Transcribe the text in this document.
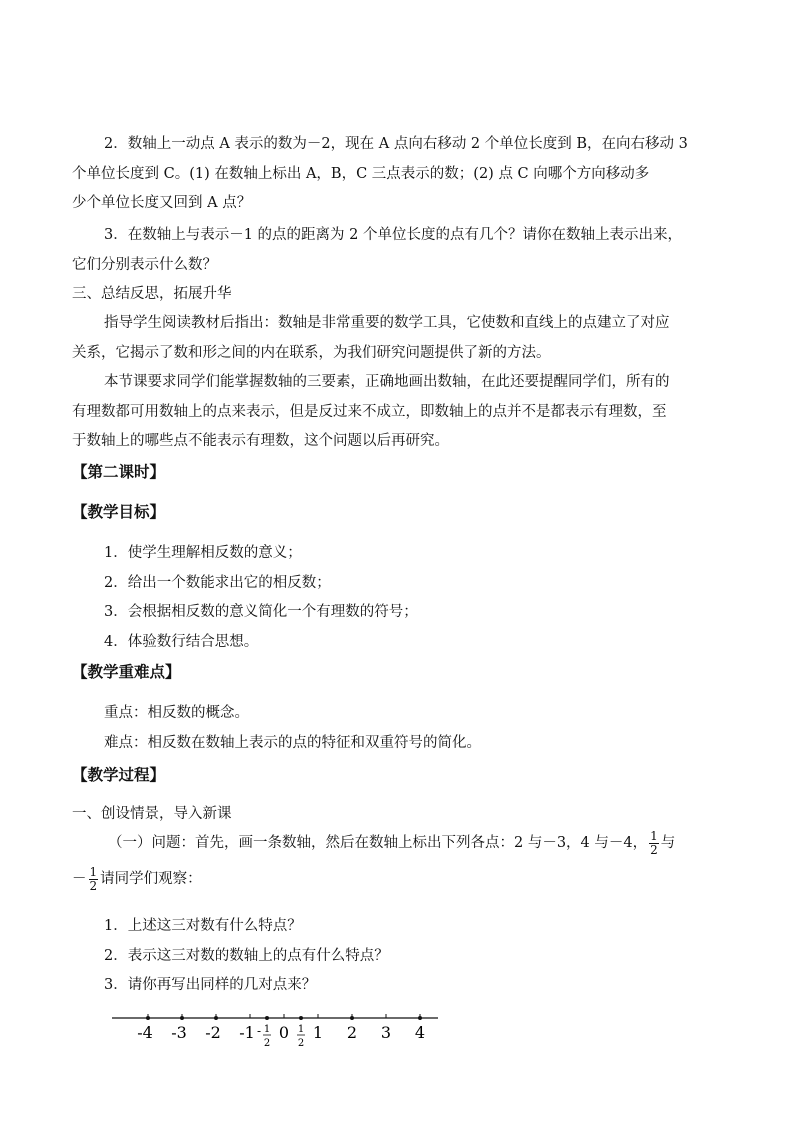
2．数轴上一动点 A 表示的数为－2，现在 A 点向右移动 2 个单位长度到 B，在向右移动 3
个单位长度到 C。(1) 在数轴上标出 A，B，C 三点表示的数；(2) 点 C 向哪个方向移动多
少个单位长度又回到 A 点？
3．在数轴上与表示－1 的点的距离为 2 个单位长度的点有几个？请你在数轴上表示出来，
它们分别表示什么数？
三、总结反思，拓展升华
指导学生阅读教材后指出：数轴是非常重要的数学工具，它使数和直线上的点建立了对应
关系，它揭示了数和形之间的内在联系，为我们研究问题提供了新的方法。
本节课要求同学们能掌握数轴的三要素，正确地画出数轴，在此还要提醒同学们，所有的
有理数都可用数轴上的点来表示，但是反过来不成立，即数轴上的点并不是都表示有理数，至
于数轴上的哪些点不能表示有理数，这个问题以后再研究。
【第二课时】
【教学目标】
1．使学生理解相反数的意义；
2．给出一个数能求出它的相反数；
3．会根据相反数的意义简化一个有理数的符号；
4．体验数行结合思想。
【教学重难点】
重点：相反数的概念。
难点：相反数在数轴上表示的点的特征和双重符号的简化。
【教学过程】
一、创设情景，导入新课
（一）问题：首先，画一条数轴，然后在数轴上标出下列各点：2 与－3，4 与－4， $\frac{1}{2}$ 与
－ $\frac{1}{2}$ 请同学们观察：
1．上述这三对数有什么特点？
2．表示这三对数的数轴上的点有什么特点？
3．请你再写出同样的几对点来？
-4 -3 -2 -1 0 1 2 3 4
- 1
2
1
2
